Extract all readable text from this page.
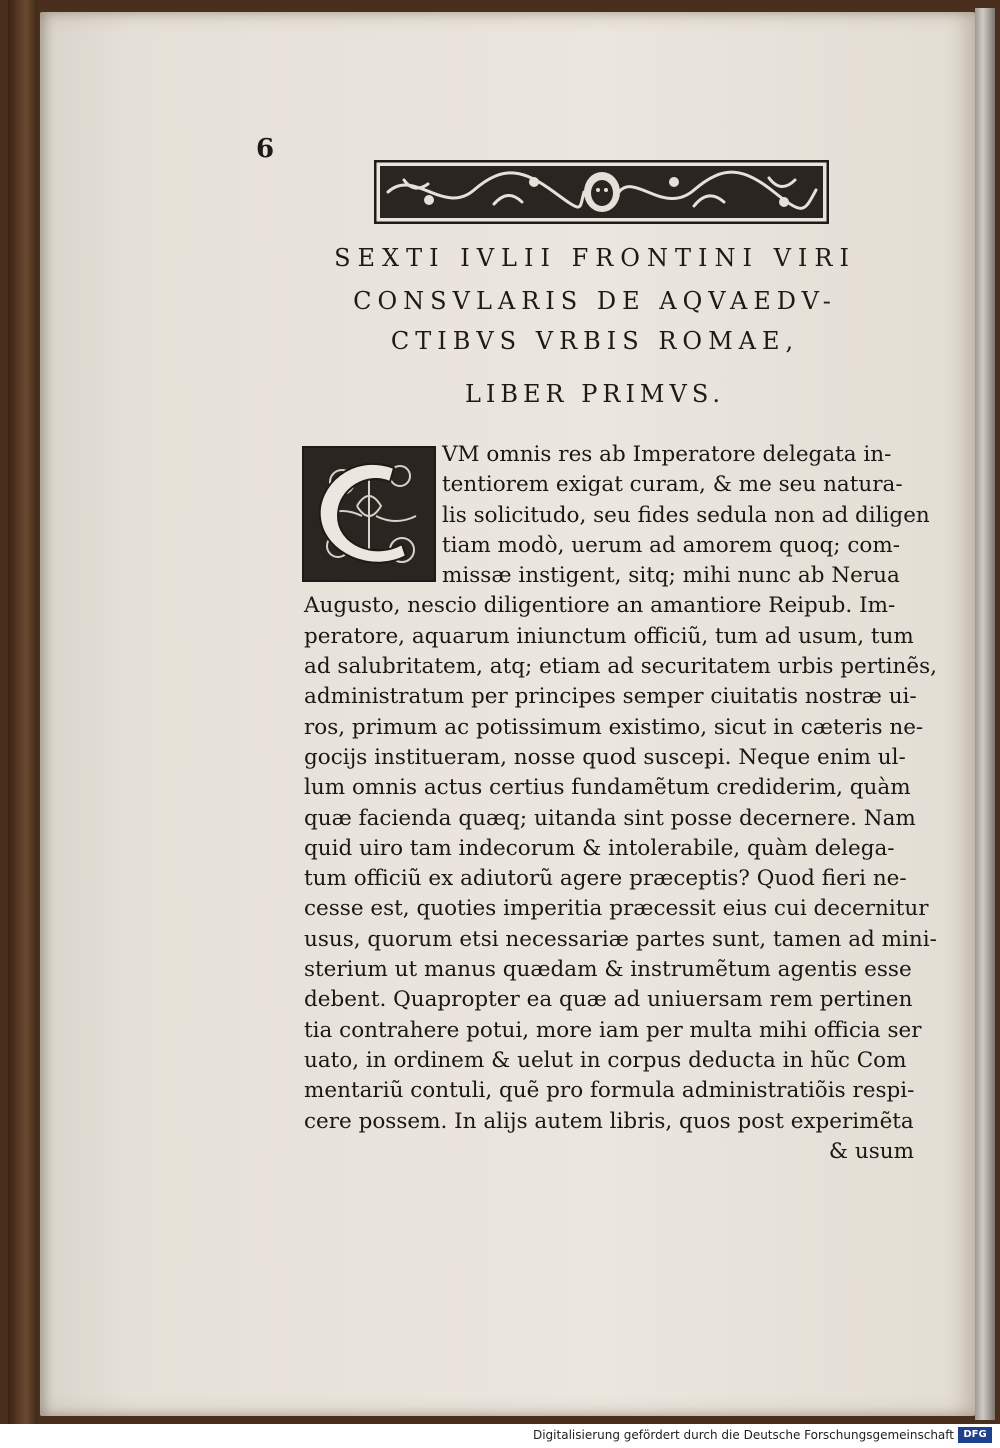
6
SEXTI IVLII FRONTINI VIRI
CONSVLARIS DE AQVAEDV-
CTIBVS VRBIS ROMAE,
LIBER PRIMVS.
VM omnis res ab Imperatore delegata in-
tentiorem exigat curam, & me seu natura-
lis solicitudo, seu fides sedula non ad diligen
tiam modò, uerum ad amorem quoq; com-
missæ instigent, sitq; mihi nunc ab Nerua
Augusto, nescio diligentiore an amantiore Reipub. Im-
peratore, aquarum iniunctum officiũ, tum ad usum, tum
ad salubritatem, atq; etiam ad securitatem urbis pertinẽs,
administratum per principes semper ciuitatis nostræ ui-
ros, primum ac potissimum existimo, sicut in cæteris ne-
gocijs institueram, nosse quod suscepi. Neque enim ul-
lum omnis actus certius fundamẽtum crediderim, quàm
quæ facienda quæq; uitanda sint posse decernere. Nam
quid uiro tam indecorum & intolerabile, quàm delega-
tum officiũ ex adiutorũ agere præceptis? Quod fieri ne-
cesse est, quoties imperitia præcessit eius cui decernitur
usus, quorum etsi necessariæ partes sunt, tamen ad mini-
sterium ut manus quædam & instrumẽtum agentis esse
debent. Quapropter ea quæ ad uniuersam rem pertinen
tia contrahere potui, more iam per multa mihi officia ser
uato, in ordinem & uelut in corpus deducta in hũc Com
mentariũ contuli, quẽ pro formula administratiõis respi-
cere possem. In alijs autem libris, quos post experimẽta
& usum
Digitalisierung gefördert durch die Deutsche Forschungsgemeinschaft DFG
